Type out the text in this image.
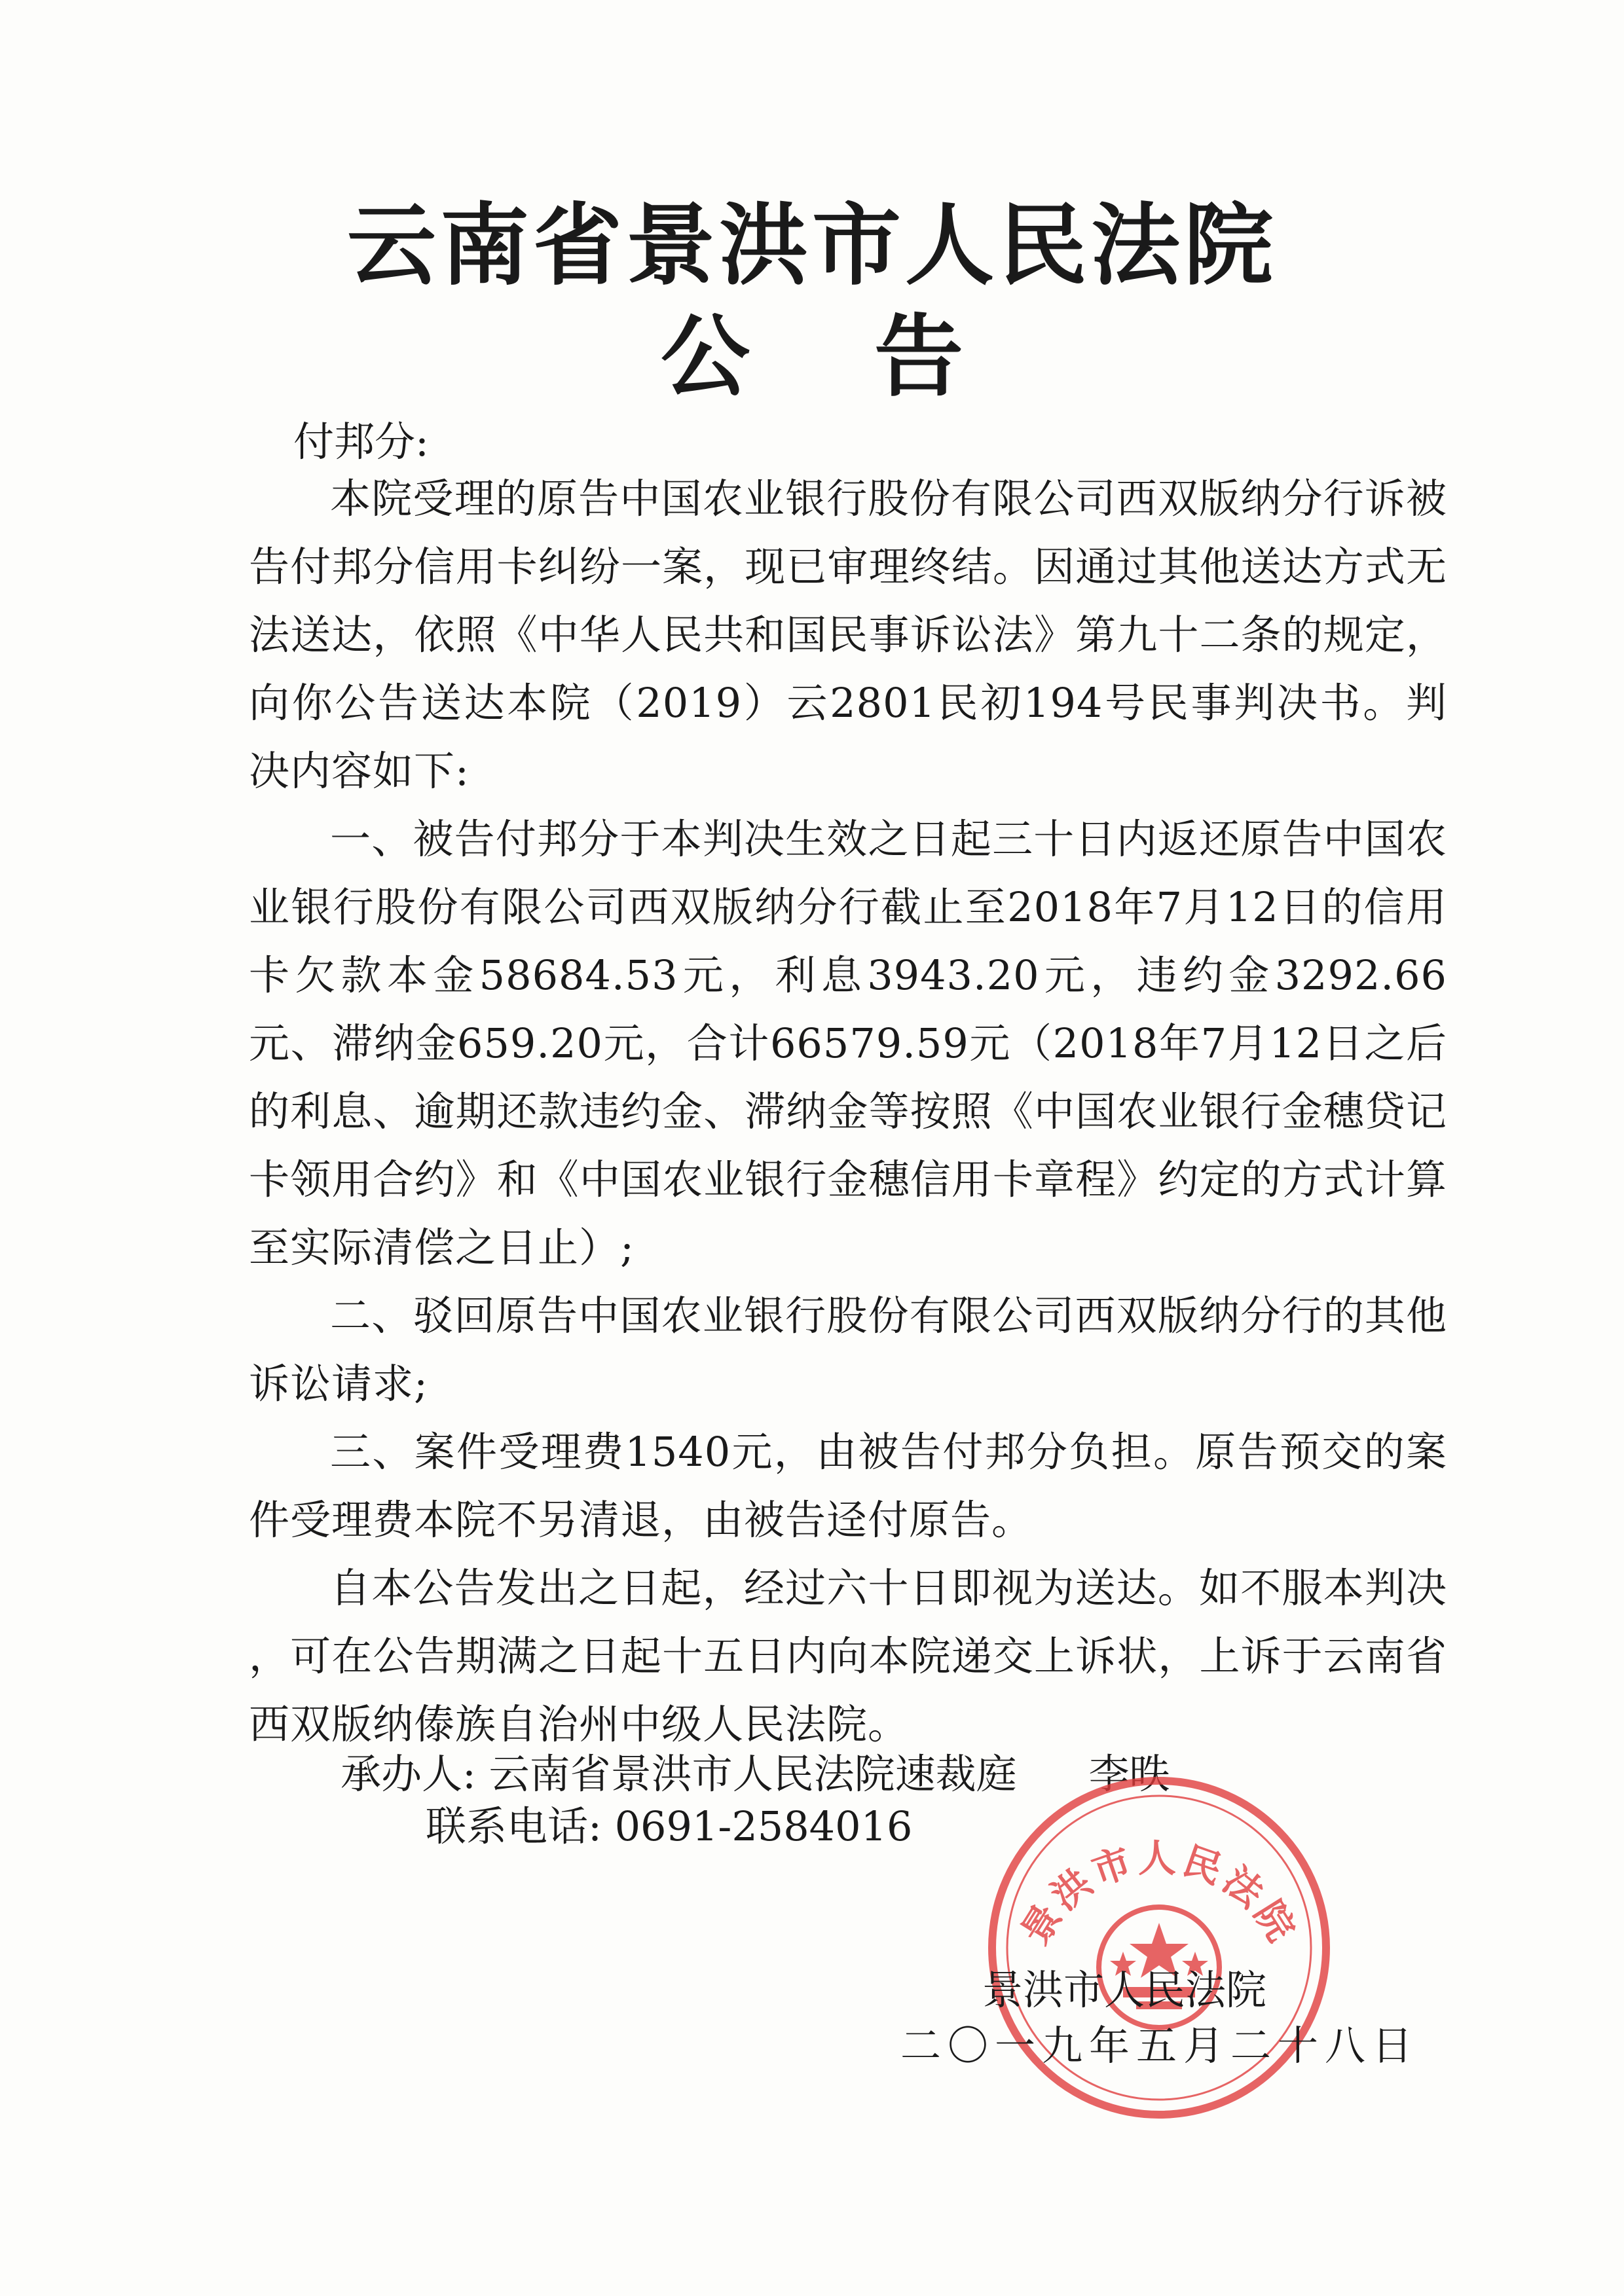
云南省景洪市人民法院
公告
付邦分:

本院受理的原告中国农业银行股份有限公司西双版纳分行诉被告付邦分信用卡纠纷一案，现已审理终结。因通过其他送达方式无法送达，依照《中华人民共和国民事诉讼法》第九十二条的规定，向你公告送达本院（2019）云2801民初194号民事判决书。判决内容如下:

一、被告付邦分于本判决生效之日起三十日内返还原告中国农业银行股份有限公司西双版纳分行截止至2018年7月12日的信用卡欠款本金58684.53元，利息3943.20元，违约金3292.66元、滞纳金659.20元，合计66579.59元（2018年7月12日之后的利息、逾期还款违约金、滞纳金等按照《中国农业银行金穗贷记卡领用合约》和《中国农业银行金穗信用卡章程》约定的方式计算至实际清偿之日止）;

二、驳回原告中国农业银行股份有限公司西双版纳分行的其他诉讼请求;

三、案件受理费1540元，由被告付邦分负担。原告预交的案件受理费本院不另清退，由被告迳付原告。

自本公告发出之日起，经过六十日即视为送达。如不服本判决 ，可在公告期满之日起十五日内向本院递交上诉状，上诉于云南省西双版纳傣族自治州中级人民法院。

承办人: 云南省景洪市人民法院速裁庭 李昳
联系电话: 0691-2584016
景洪市人民法院
景洪市人民法院
二〇一九年五月二十八日
